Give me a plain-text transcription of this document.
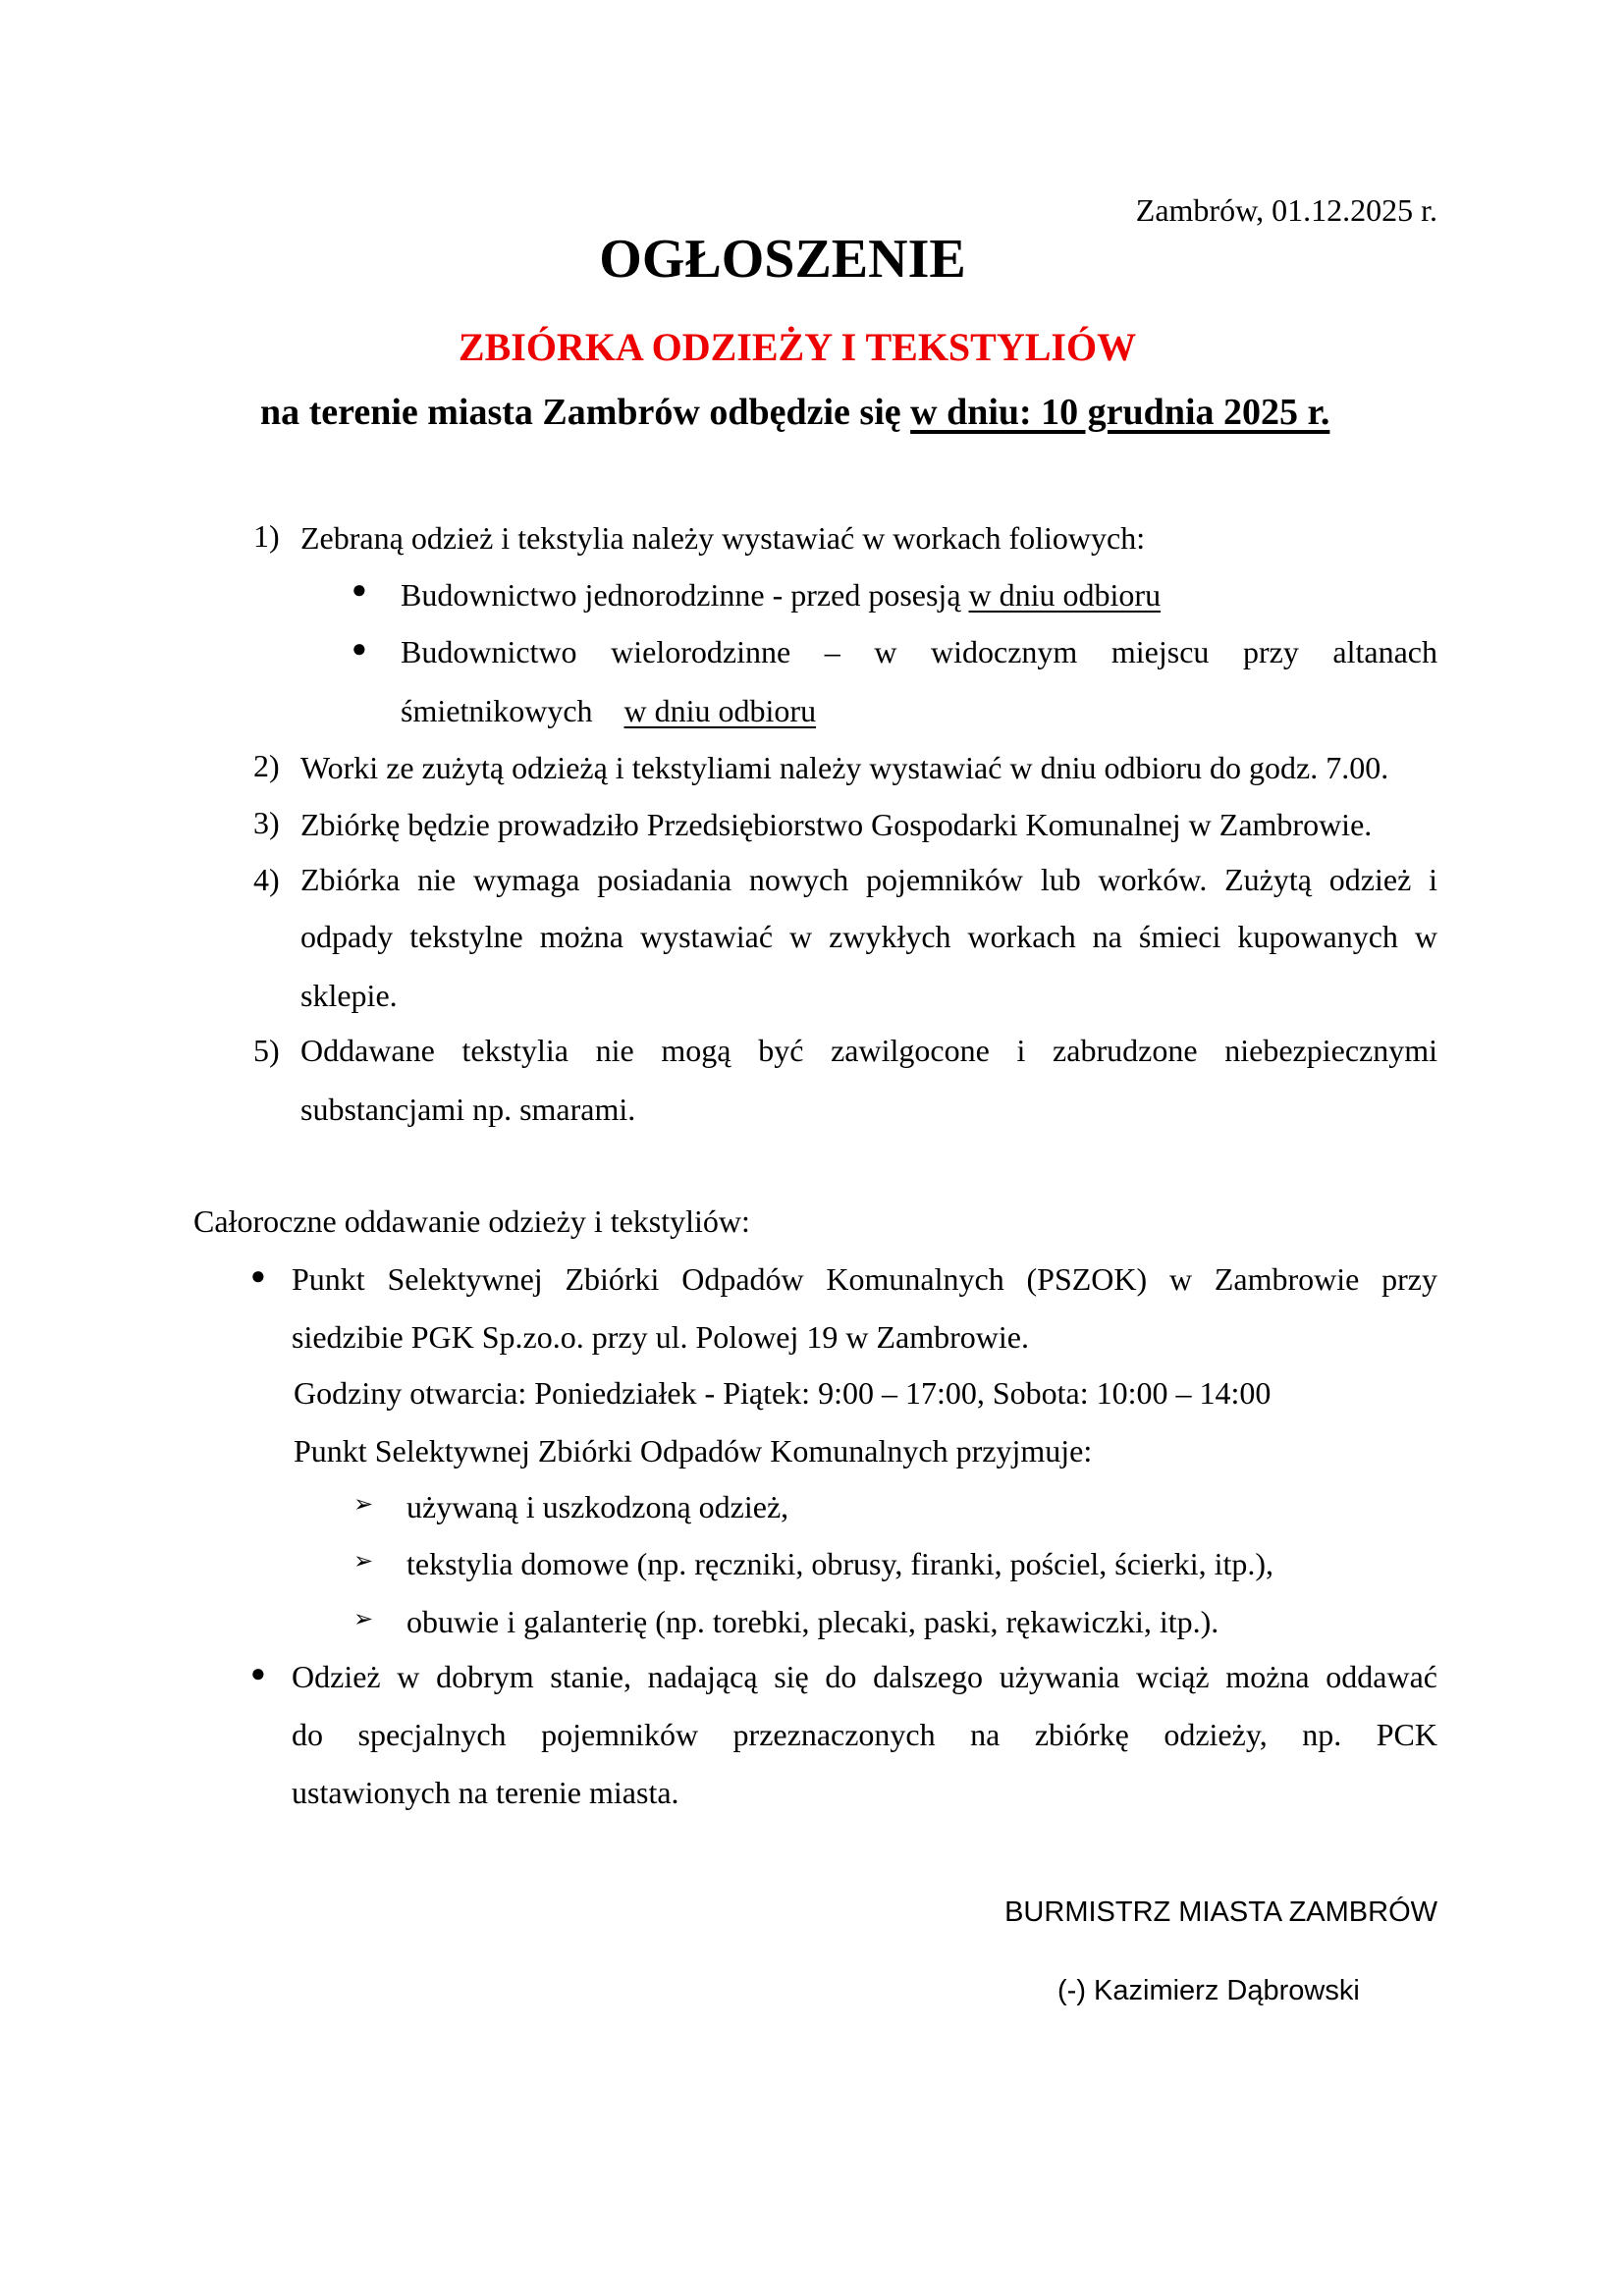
Zambrów, 01.12.2025 r.
OGŁOSZENIE
ZBIÓRKA ODZIEŻY I TEKSTYLIÓW
na terenie miasta Zambrów odbędzie się w dniu: 10 grudnia 2025 r.
1) Zebraną odzież i tekstylia należy wystawiać w workach foliowych:
● Budownictwo jednorodzinne - przed posesją w dniu odbioru
● Budownictwo wielorodzinne – w widocznym miejscu przy altanach
śmietnikowych    w dniu odbioru
2) Worki ze zużytą odzieżą i tekstyliami należy wystawiać w dniu odbioru do godz. 7.00.
3) Zbiórkę będzie prowadziło Przedsiębiorstwo Gospodarki Komunalnej w Zambrowie.
4) Zbiórka nie wymaga posiadania nowych pojemników lub worków. Zużytą odzież i
odpady tekstylne można wystawiać w zwykłych workach na śmieci kupowanych w
sklepie.
5) Oddawane tekstylia nie mogą być zawilgocone i zabrudzone niebezpiecznymi
substancjami np. smarami.
Całoroczne oddawanie odzieży i tekstyliów:
● Punkt Selektywnej Zbiórki Odpadów Komunalnych (PSZOK) w Zambrowie przy
siedzibie PGK Sp.zo.o. przy ul. Polowej 19 w Zambrowie.
Godziny otwarcia: Poniedziałek - Piątek: 9:00 – 17:00, Sobota: 10:00 – 14:00
Punkt Selektywnej Zbiórki Odpadów Komunalnych przyjmuje:
➢ używaną i uszkodzoną odzież,
➢ tekstylia domowe (np. ręczniki, obrusy, firanki, pościel, ścierki, itp.),
➢ obuwie i galanterię (np. torebki, plecaki, paski, rękawiczki, itp.).
● Odzież w dobrym stanie, nadającą się do dalszego używania wciąż można oddawać
do specjalnych pojemników przeznaczonych na zbiórkę odzieży, np. PCK
ustawionych na terenie miasta.
BURMISTRZ MIASTA ZAMBRÓW
(-) Kazimierz Dąbrowski
